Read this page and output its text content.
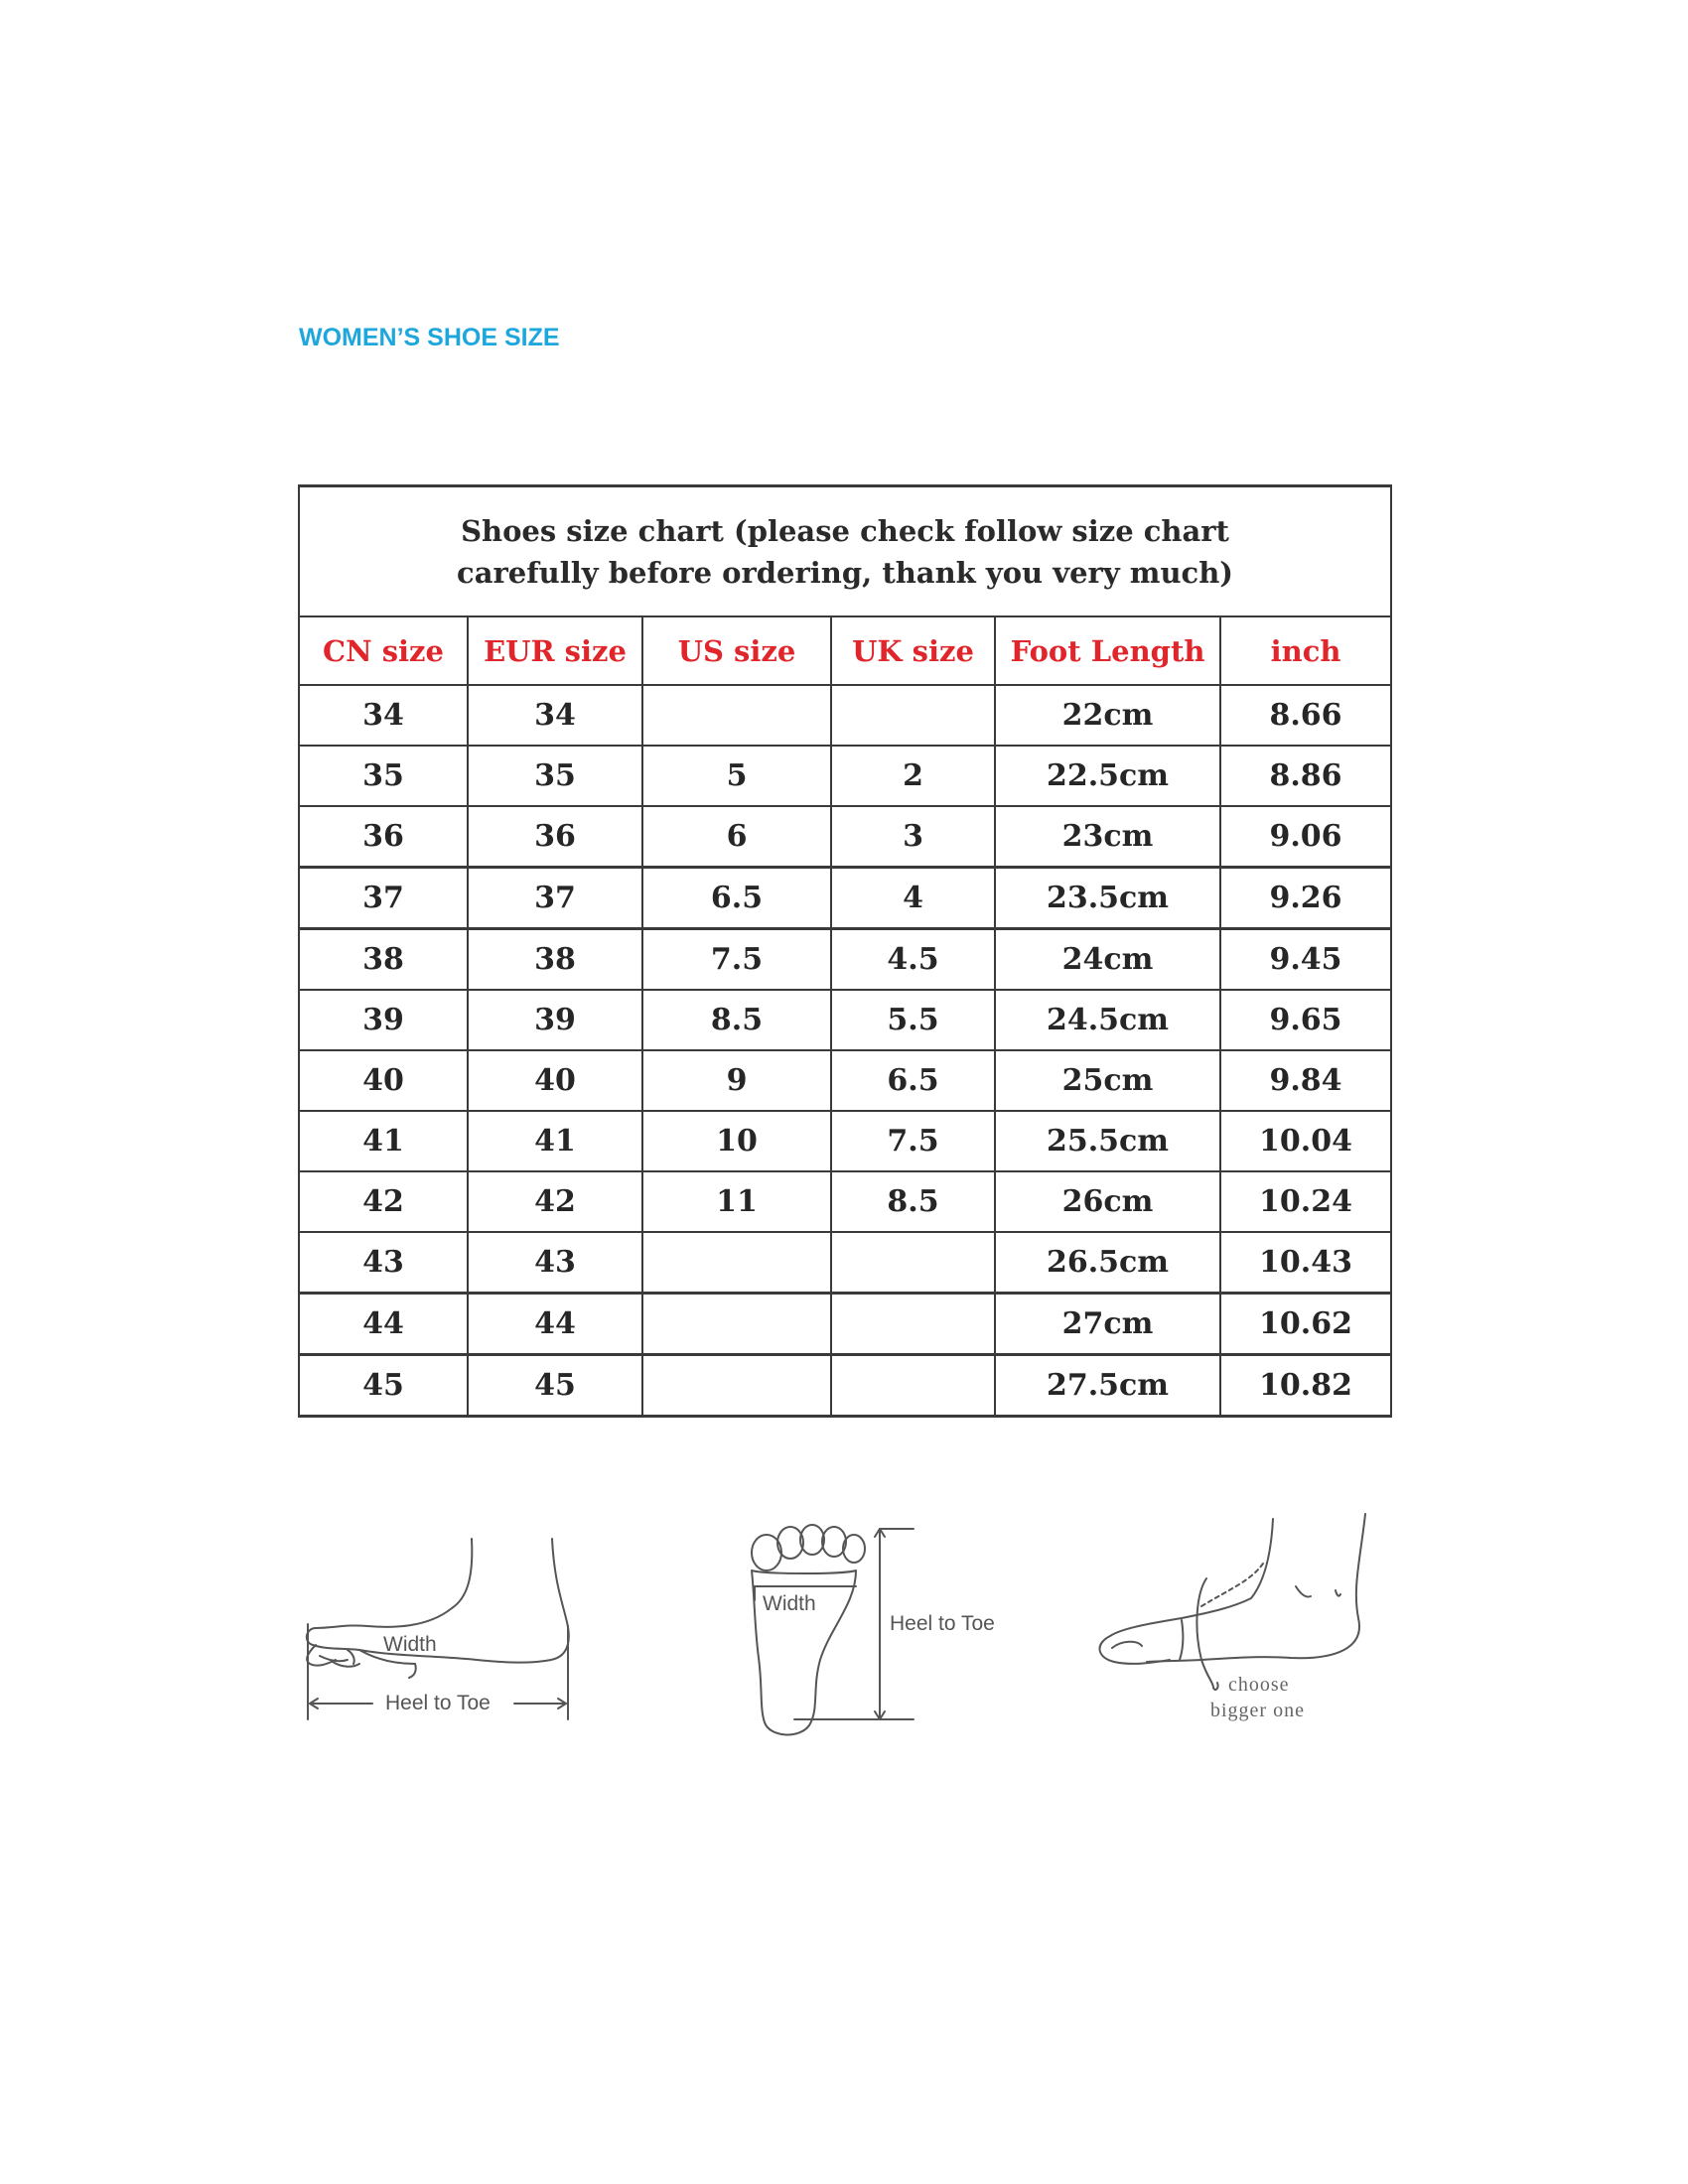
WOMEN’S SHOE SIZE
Shoes size chart (please check follow size chart
carefully before ordering, thank you very much)					

CN size	EUR size	US size	UK size	Foot Length	inch
34	34			22cm	8.66
35	35	5	2	22.5cm	8.86
36	36	6	3	23cm	9.06
37	37	6.5	4	23.5cm	9.26
38	38	7.5	4.5	24cm	9.45
39	39	8.5	5.5	24.5cm	9.65
40	40	9	6.5	25cm	9.84
41	41	10	7.5	25.5cm	10.04
42	42	11	8.5	26cm	10.24
43	43			26.5cm	10.43
44	44			27cm	10.62
45	45			27.5cm	10.82
Width
Heel to Toe
Width
Heel to Toe
choose
bigger one
